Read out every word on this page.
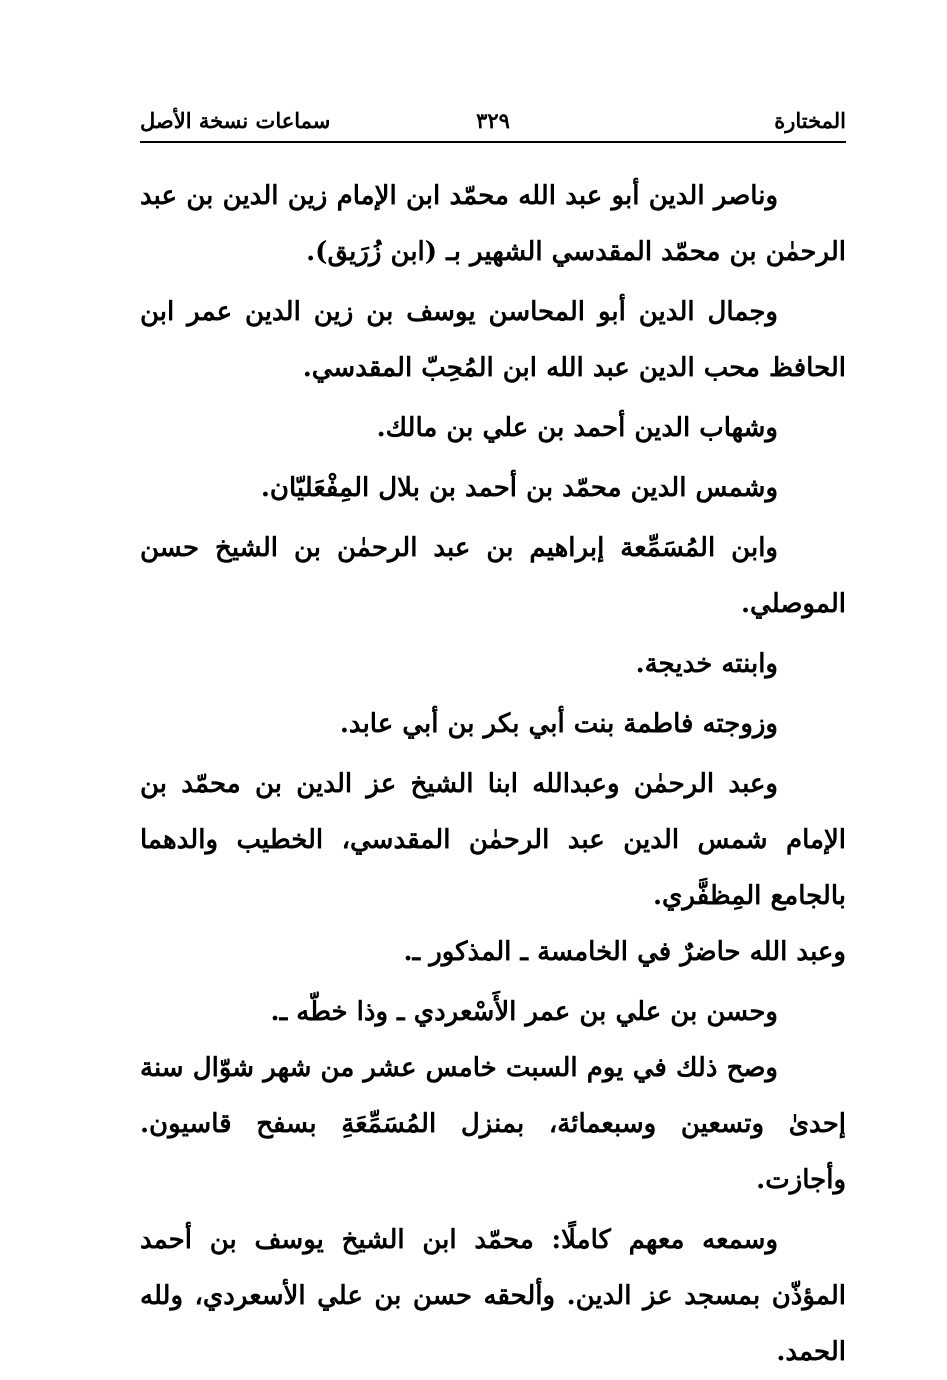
المختارة
٣٢٩
سماعات نسخة الأصل

وناصر الدين أبو عبد الله محمّد ابن الإمام زين الدين بن عبد الرحمٰن بن محمّد المقدسي الشهير بـ (ابن زُرَيق).

وجمال الدين أبو المحاسن يوسف بن زين الدين عمر ابن الحافظ محب الدين عبد الله ابن المُحِبّ المقدسي.

وشهاب الدين أحمد بن علي بن مالك.

وشمس الدين محمّد بن أحمد بن بلال المِفْعَليّان.

وابن المُسَمِّعة إبراهيم بن عبد الرحمٰن بن الشيخ حسن الموصلي.

وابنته خديجة.

وزوجته فاطمة بنت أبي بكر بن أبي عابد.

وعبد الرحمٰن وعبدالله ابنا الشيخ عز الدين بن محمّد بن الإمام شمس الدين عبد الرحمٰن المقدسي، الخطيب والدهما بالجامع المِظفَّري.

وعبد الله حاضرٌ في الخامسة ـ المذكور ـ.

وحسن بن علي بن عمر الأَسْعردي ـ وذا خطّه ـ.

وصح ذلك في يوم السبت خامس عشر من شهر شوّال سنة إحدىٰ وتسعين وسبعمائة، بمنزل المُسَمِّعَةِ بسفح قاسيون. وأجازت.

وسمعه معهم كاملًا: محمّد ابن الشيخ يوسف بن أحمد المؤذّن بمسجد عز الدين. وألحقه حسن بن علي الأسعردي، ولله الحمد.
